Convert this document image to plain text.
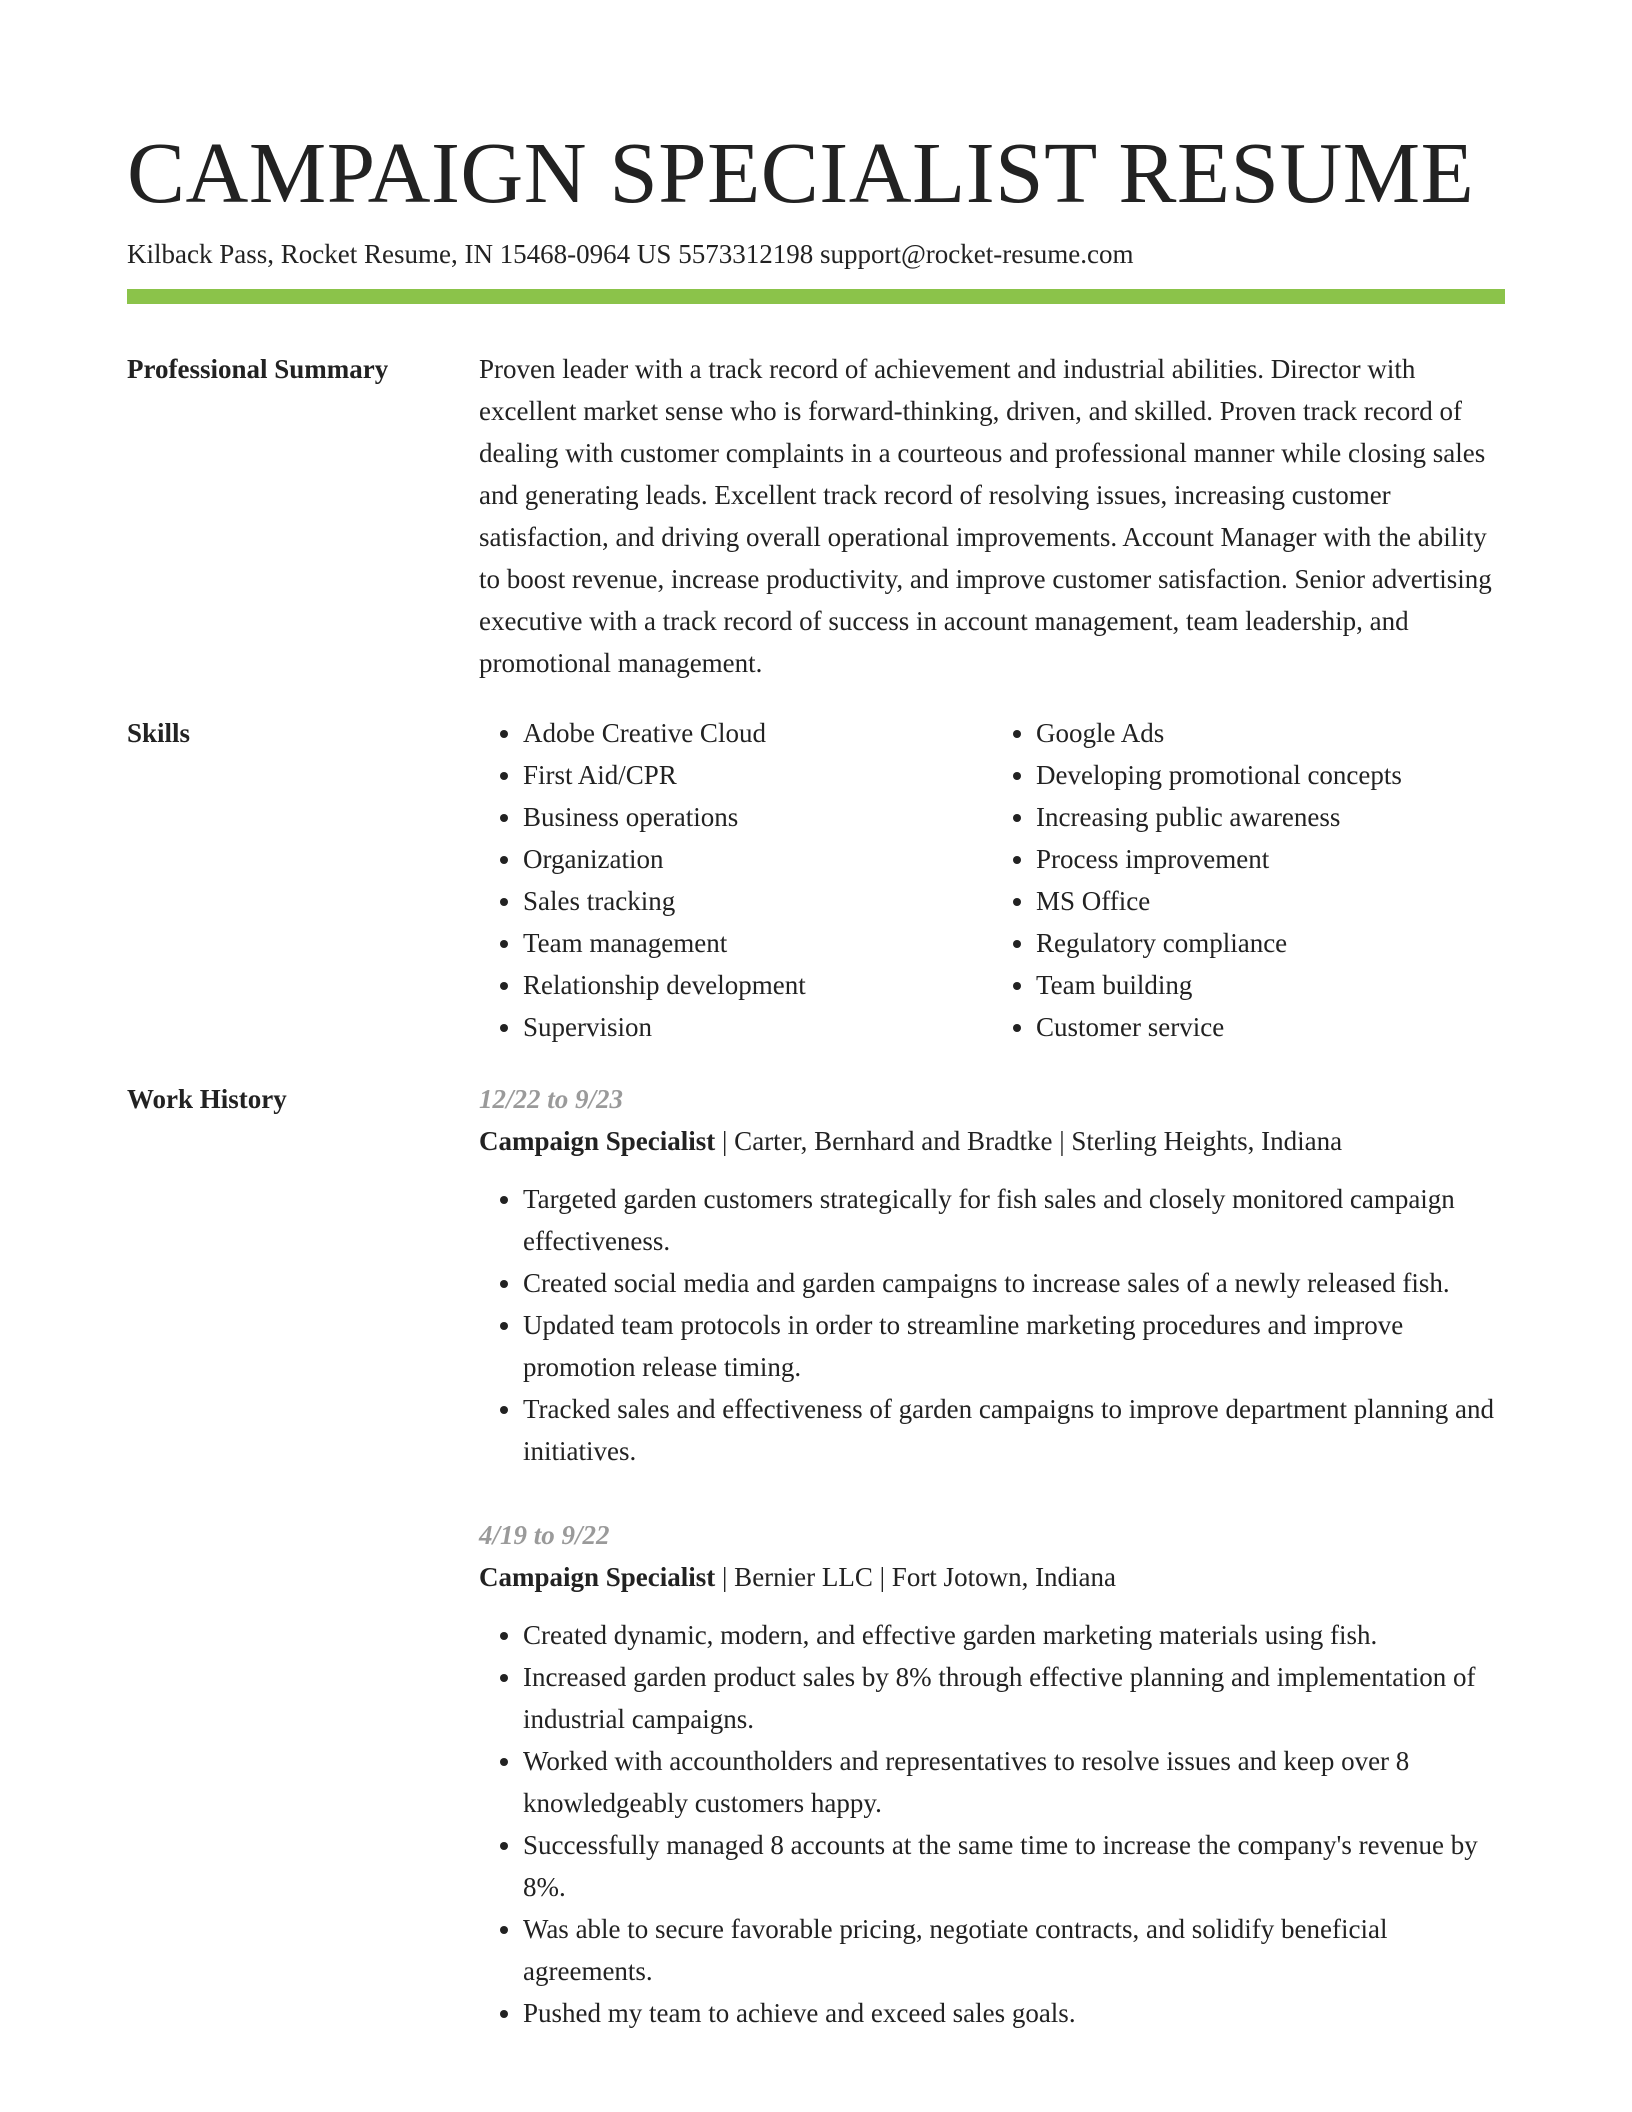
CAMPAIGN SPECIALIST RESUME
Kilback Pass, Rocket Resume, IN 15468-0964 US 5573312198 support@rocket-resume.com
Professional Summary	Proven leader with a track record of achievement and industrial abilities. Director with excellent market sense who is forward-thinking, driven, and skilled. Proven track record of dealing with customer complaints in a courteous and professional manner while closing sales and generating leads. Excellent track record of resolving issues, increasing customer satisfaction, and driving overall operational improvements. Account Manager with the ability to boost revenue, increase productivity, and improve customer satisfaction. Senior advertising executive with a track record of success in account management, team leadership, and promotional management.

Skills
•	Adobe Creative Cloud
• First Aid/CPR
• Business operations
• Organization
• Sales tracking
• Team management
• Relationship development
• Supervision
• Google Ads
• Developing promotional concepts
• Increasing public awareness
• Process improvement
• MS Office
• Regulatory compliance
• Team building
• Customer service
Work History	12/22 to 9/23
Campaign Specialist | Carter, Bernhard and Bradtke | Sterling Heights, Indiana
• Targeted garden customers strategically for fish sales and closely monitored campaign effectiveness.
• Created social media and garden campaigns to increase sales of a newly released fish.
• Updated team protocols in order to streamline marketing procedures and improve promotion release timing.
• Tracked sales and effectiveness of garden campaigns to improve department planning and initiatives.
4/19 to 9/22
Campaign Specialist | Bernier LLC | Fort Jotown, Indiana
• Created dynamic, modern, and effective garden marketing materials using fish.
• Increased garden product sales by 8% through effective planning and implementation of industrial campaigns.
• Worked with accountholders and representatives to resolve issues and keep over 8 knowledgeably customers happy.
• Successfully managed 8 accounts at the same time to increase the company's revenue by 8%.
• Was able to secure favorable pricing, negotiate contracts, and solidify beneficial agreements.
• Pushed my team to achieve and exceed sales goals.
